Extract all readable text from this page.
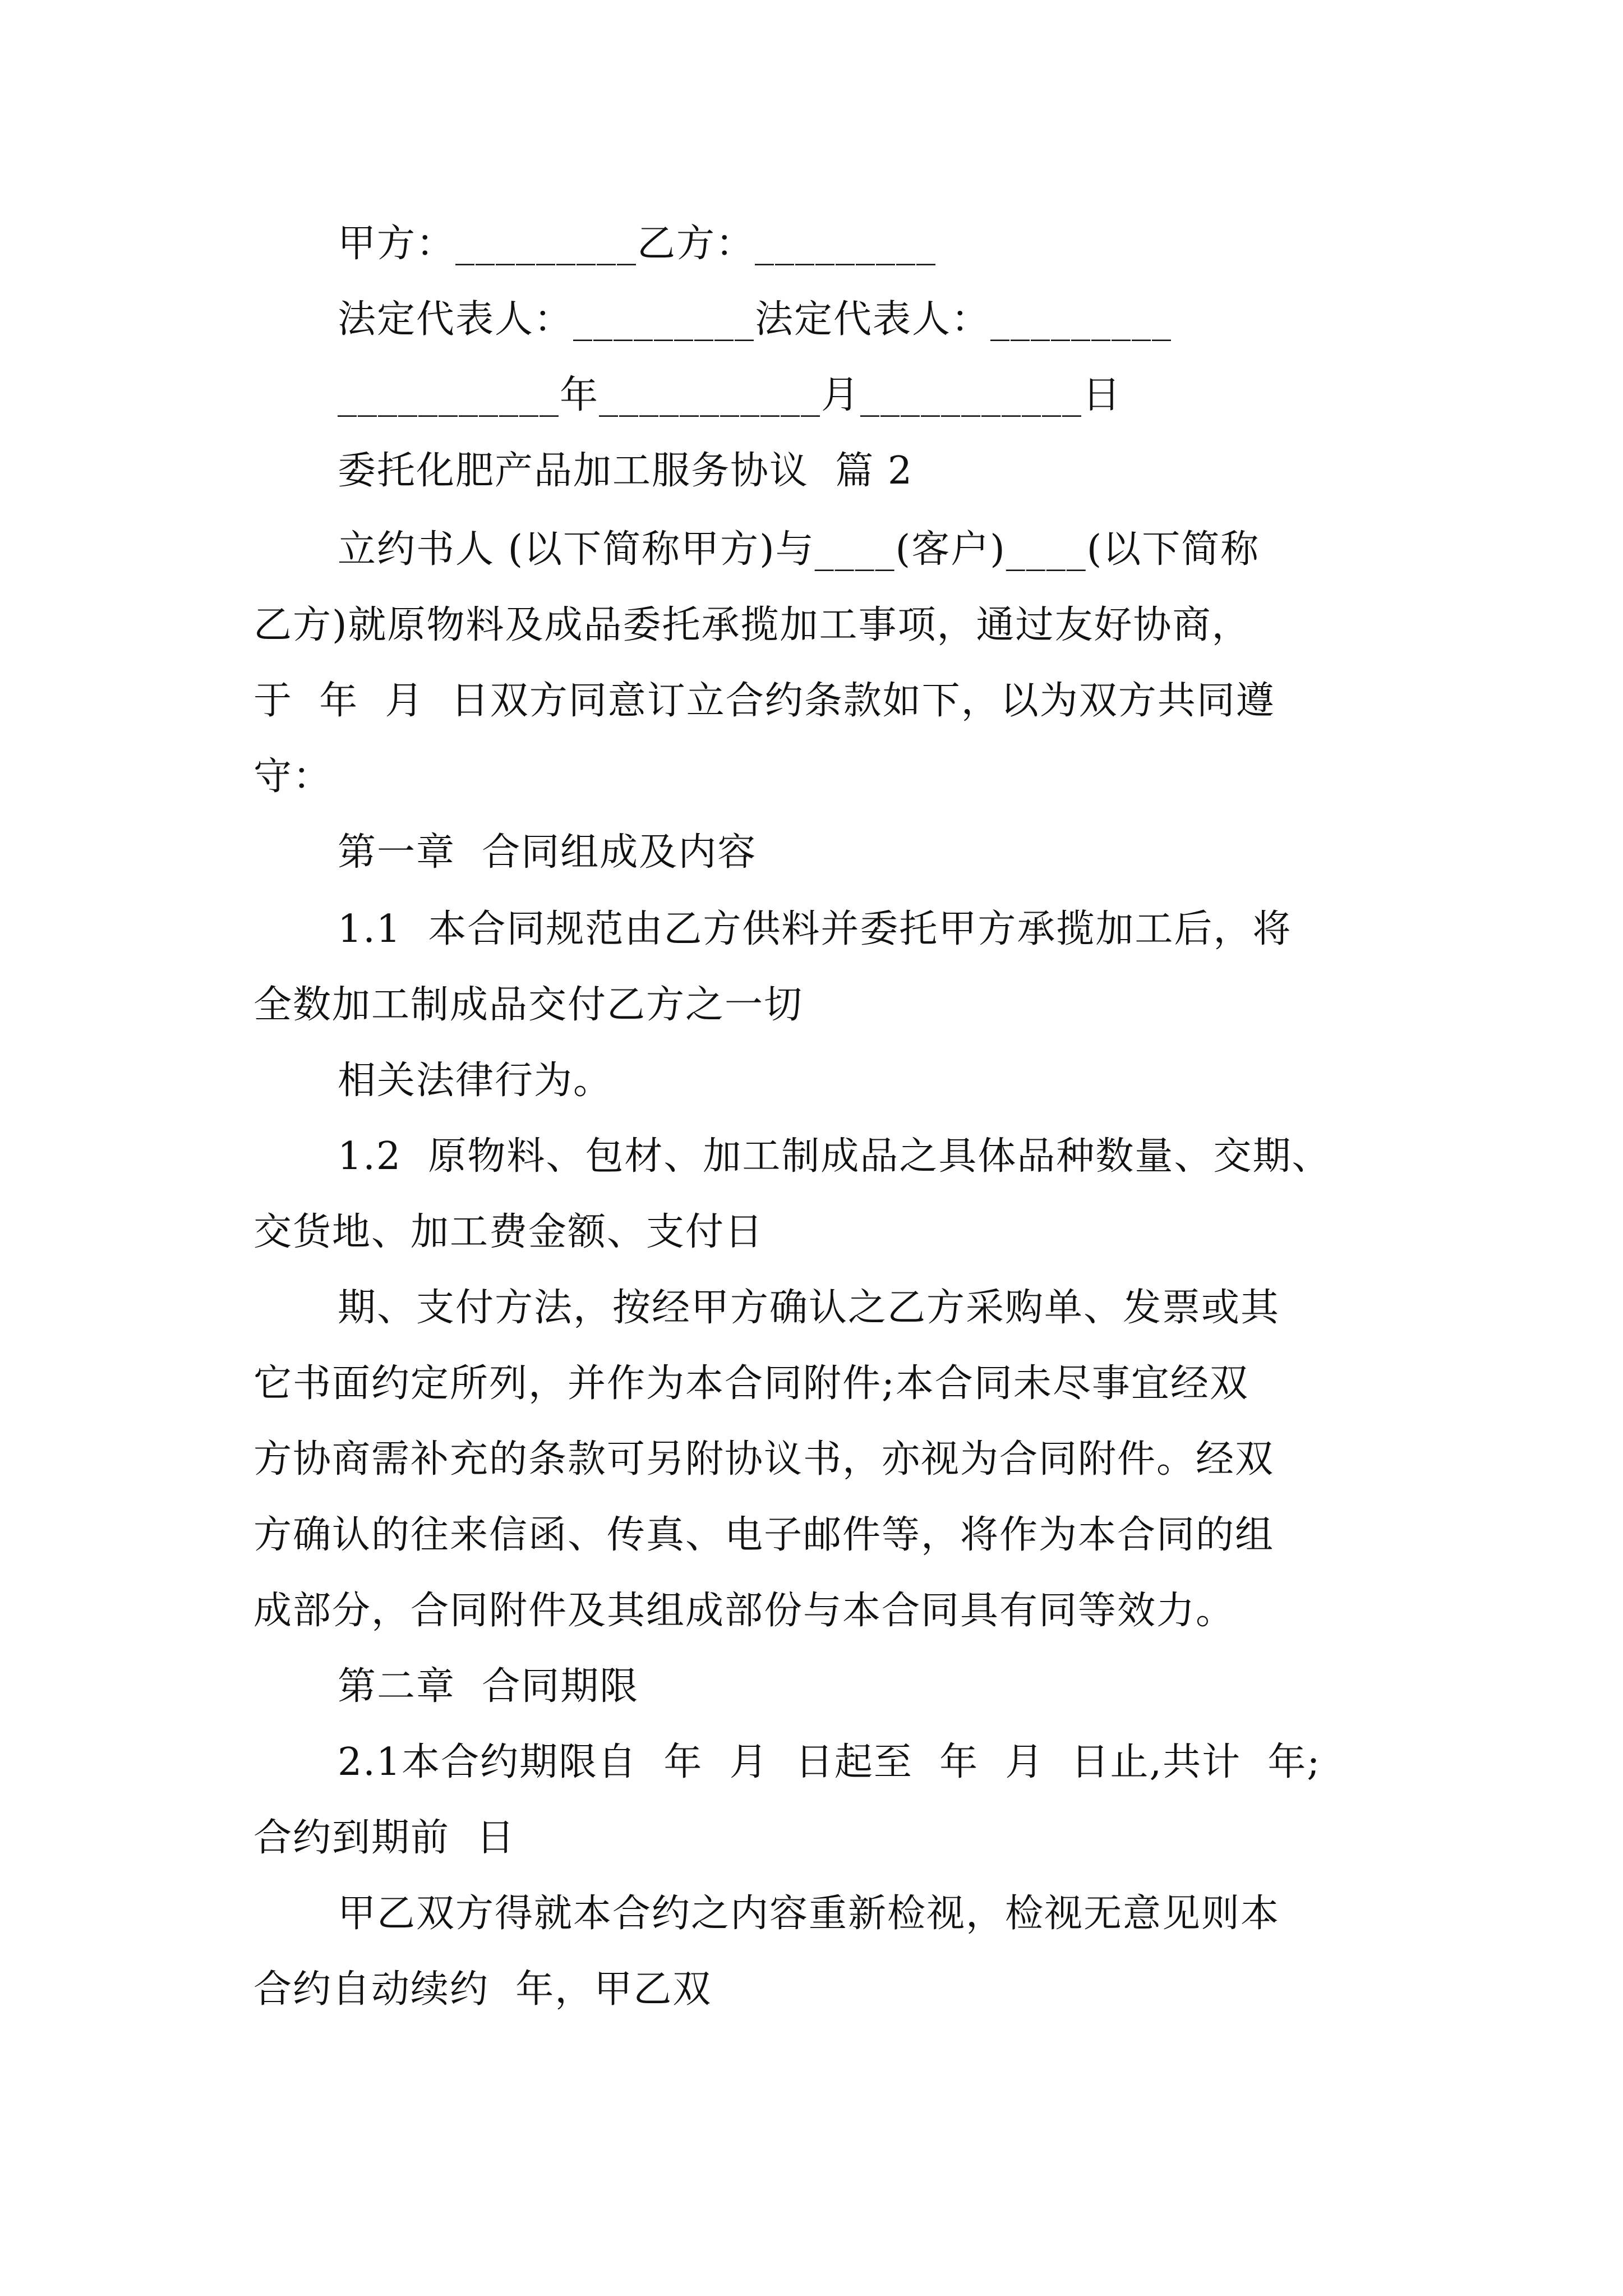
甲方：_________乙方：_________
法定代表人：_________法定代表人：_________
___________年___________月___________日
委托化肥产品加工服务协议  篇 2
立约书人 (以下简称甲方)与____(客户)____(以下简称
乙方)就原物料及成品委托承揽加工事项，通过友好协商，
于  年  月  日双方同意订立合约条款如下，以为双方共同遵
守：
第一章  合同组成及内容
1.1  本合同规范由乙方供料并委托甲方承揽加工后，将
全数加工制成品交付乙方之一切
相关法律行为。
1.2  原物料、包材、加工制成品之具体品种数量、交期、
交货地、加工费金额、支付日
期、支付方法，按经甲方确认之乙方采购单、发票或其
它书面约定所列，并作为本合同附件;本合同未尽事宜经双
方协商需补充的条款可另附协议书，亦视为合同附件。经双
方确认的往来信函、传真、电子邮件等，将作为本合同的组
成部分，合同附件及其组成部份与本合同具有同等效力。
第二章  合同期限
2.1本合约期限自  年  月  日起至  年  月  日止,共计  年;
合约到期前  日
甲乙双方得就本合约之内容重新检视，检视无意见则本
合约自动续约  年，甲乙双
